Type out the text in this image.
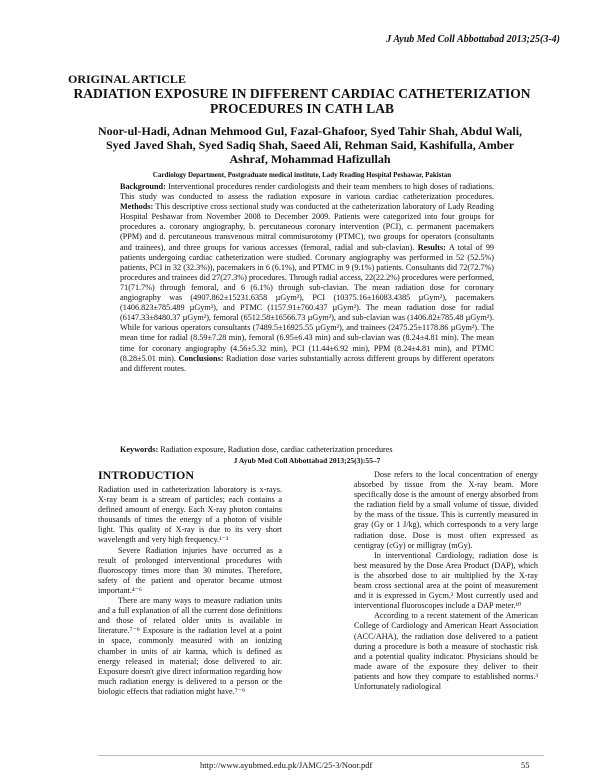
J Ayub Med Coll Abbottabad 2013;25(3-4)
ORIGINAL ARTICLE
RADIATION EXPOSURE IN DIFFERENT CARDIAC CATHETERIZATION PROCEDURES IN CATH LAB
Noor-ul-Hadi, Adnan Mehmood Gul, Fazal-Ghafoor, Syed Tahir Shah, Abdul Wali, Syed Javed Shah, Syed Sadiq Shah, Saeed Ali, Rehman Said, Kashifulla, Amber Ashraf, Mohammad Hafizullah
Cardiology Department, Postgraduate medical institute, Lady Reading Hospital Peshawar, Pakistan

Background: Interventional procedures render cardiologists and their team members to high doses of radiations. This study was conducted to assess the radiation exposure in various cardiac catheterization procedures. Methods: This descriptive cross sectional study was conducted at the catheterization laboratory of Lady Reading Hospital Peshawar from November 2008 to December 2009. Patients were categorized into four groups for procedures a. coronary angiography, b. percutaneous coronary intervention (PCI), c. permanent pacemakers (PPM) and d. percutaneous transvenous mitral commisurotomy (PTMC), two groups for operators (consultants and trainees), and three groups for various accesses (femoral, radial and sub-clavian). Results: A total of 99 patients undergoing cardiac catheterization were studied. Coronary angiography was performed in 52 (52.5%) patients, PCI in 32 (32.3%)), pacemakers in 6 (6.1%), and PTMC in 9 (9.1%) patients. Consultants did 72(72.7%) procedures and trainees did 27(27.3%) procedures. Through radial access, 22(22.2%) procedures were performed, 71(71.7%) through femoral, and 6 (6.1%) through sub-clavian. The mean radiation dose for coronary angiography was (4907.862±15231.6358 µGym²), PCI (10375.16±16083.4385 µGym²), pacemakers (1406.823±785.489 µGym²), and PTMC (1157.91±760.437 µGym²). The mean radiation dose for radial (6147.33±8480.37 µGym²), femoral (6512.58±16566.73 µGym²), and sub-clavian was (1406.82±785.48 µGym²). While for various operators consultants (7489.5±16925.55 µGym²), and trainees (2475.25±1178.86 µGym²). The mean time for radial (8.59±7.28 min), femoral (6.95±6.43 min) and sub-clavian was (8.24±4.81 min). The mean time for coronary angiography (4.56±5.32 min), PCI (11.44±6.92 min), PPM (8.24±4.81 min), and PTMC (8.28±5.01 min). Conclusions: Radiation dose varies substantially across different groups by different operators and different routes.

Keywords: Radiation exposure, Radiation dose, cardiac catheterization procedures

J Ayub Med Coll Abbottabad 2013;25(3):55–7
INTRODUCTION

Radiation used in catheterization laboratory is x-rays. X-ray beam is a stream of particles; each contains a defined amount of energy. Each X-ray photon contains thousands of times the energy of a photon of visible light. This quality of X-ray is due to its very short wavelength and very high frequency.¹⁻³

Severe Radiation injuries have occurred as a result of prolonged interventional procedures with fluoroscopy times more than 30 minutes. Therefore, safety of the patient and operator became utmost important.⁴⁻⁶

There are many ways to measure radiation units and a full explanation of all the current dose definitions and those of related older units is available in literature.⁷⁻⁹ Exposure is the radiation level at a point in space, commonly measured with an ionizing chamber in units of air karma, which is defined as energy released in material; dose delivered to air. Exposure doesn't give direct information regarding how much radiation energy is delivered to a person or the biologic effects that radiation might have.⁷⁻⁹

Dose refers to the local concentration of energy absorbed by tissue from the X-ray beam. More specifically dose is the amount of energy absorbed from the radiation field by a small volume of tissue, divided by the mass of the tissue. This is currently measured in gray (Gy or 1 J/kg), which corresponds to a very large radiation dose. Dose is most often expressed as centigray (cGy) or milligray (mGy).

In interventional Cardiology, radiation dose is best measured by the Dose Area Product (DAP), which is the absorbed dose to air multiplied by the X-ray beam cross sectional area at the point of measurement and it is expressed in Gycm.² Most currently used and interventional fluoroscopes include a DAP meter.¹⁰

According to a recent statement of the American College of Cardiology and American Heart Association (ACC/AHA), the radiation dose delivered to a patient during a procedure is both a measure of stochastic risk and a potential quality indicator. Physicians should be made aware of the exposure they deliver to their patients and how they compare to established norms.³ Unfortunately radiological

http://www.ayubmed.edu.pk/JAMC/25-3/Noor.pdf	55
